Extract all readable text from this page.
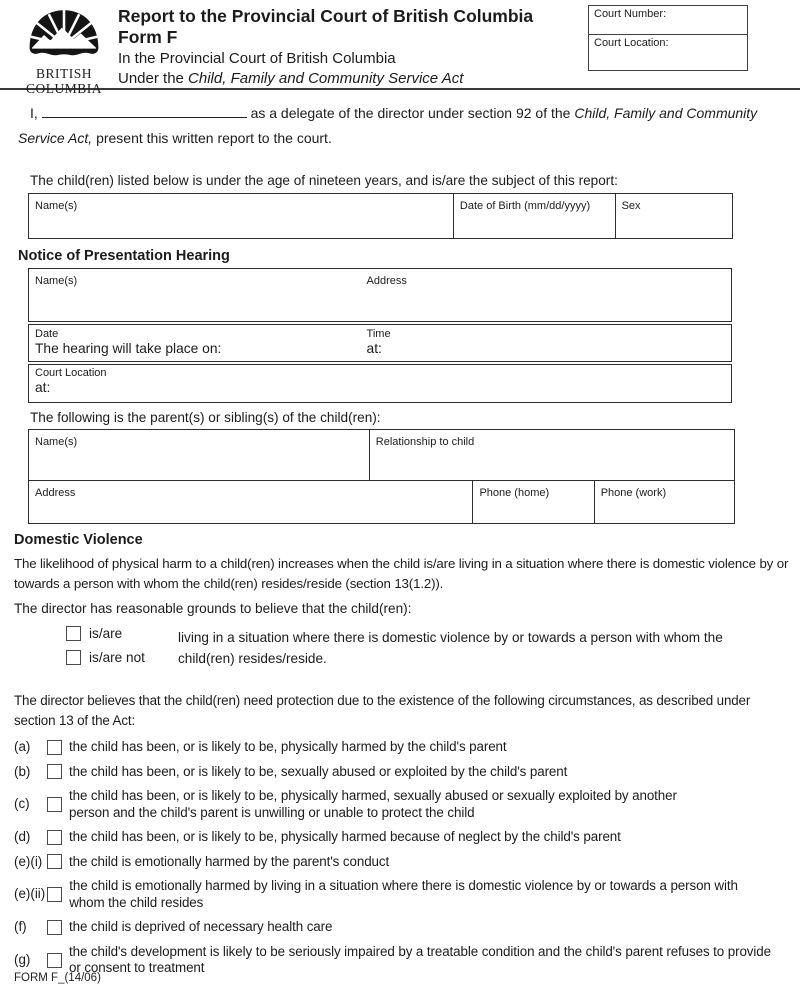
BRITISH
COLUMBIA
Report to the Provincial Court of British Columbia
Form F
In the Provincial Court of British Columbia
Under the Child, Family and Community Service Act
Court Number:
Court Location:

I,	as a delegate of the director under section 92 of the Child, Family and Community Service Act, present this written report to the court.

The child(ren) listed below is under the age of nineteen years, and is/are the subject of this report:

Name(s)	Date of Birth (mm/dd/yyyy)	Sex
Notice of Presentation Hearing
Name(s)	Address
Date
The hearing will take place on:
Time
at:
Court Location
at:

The following is the parent(s) or sibling(s) of the child(ren):

Name(s)	Relationship to child
Address	Phone (home)	Phone (work)
Domestic Violence

The likelihood of physical harm to a child(ren) increases when the child is/are living in a situation where there is domestic violence by or towards a person with whom the child(ren) resides/reside (section 13(1.2)).

The director has reasonable grounds to believe that the child(ren):

is/are
is/are not
living in a situation where there is domestic violence by or towards a person with whom the child(ren) resides/reside.

The director believes that the child(ren) need protection due to the existence of the following circumstances, as described under section 13 of the Act:

(a)	the child has been, or is likely to be, physically harmed by the child's parent
(b)	the child has been, or is likely to be, sexually abused or exploited by the child's parent
(c)
the child has been, or is likely to be, physically harmed, sexually abused or sexually exploited by another person and the child's parent is unwilling or unable to protect the child
(d)	the child has been, or is likely to be, physically harmed because of neglect by the child's parent
(e)(i)	the child is emotionally harmed by the parent's conduct
(e)(ii)
the child is emotionally harmed by living in a situation where there is domestic violence by or towards a person with whom the child resides
(f)	the child is deprived of necessary health care
(g)
the child's development is likely to be seriously impaired by a treatable condition and the child's parent refuses to provide or consent to treatment
FORM F_(14/06)
